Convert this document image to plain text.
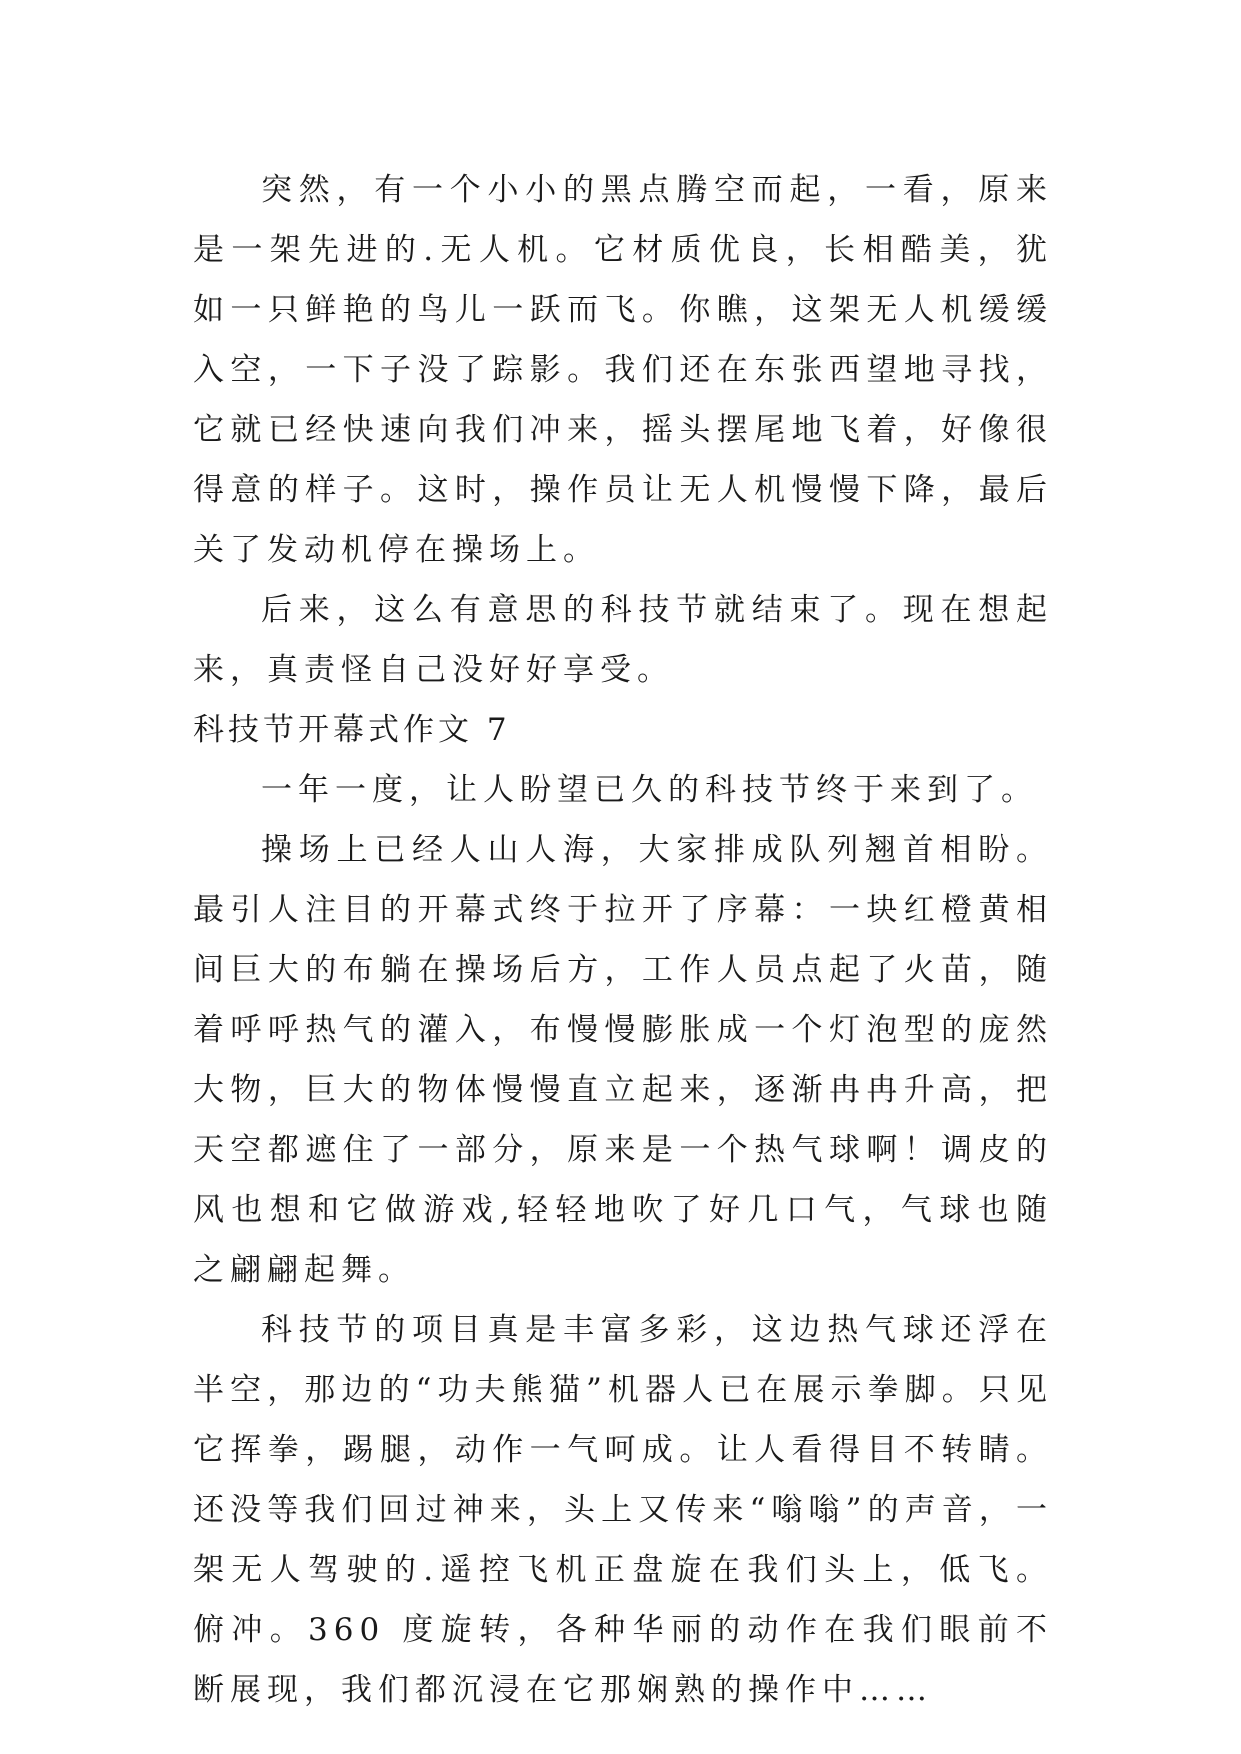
突然，有一个小小的黑点腾空而起，一看，原来是一架先进的.无人机。它材质优良，长相酷美，犹如一只鲜艳的鸟儿一跃而飞。你瞧，这架无人机缓缓入空，一下子没了踪影。我们还在东张西望地寻找，它就已经快速向我们冲来，摇头摆尾地飞着，好像很得意的样子。这时，操作员让无人机慢慢下降，最后关了发动机停在操场上。

后来，这么有意思的科技节就结束了。现在想起来，真责怪自己没好好享受。

科技节开幕式作文 7

一年一度，让人盼望已久的科技节终于来到了。

操场上已经人山人海，大家排成队列翘首相盼。最引人注目的开幕式终于拉开了序幕：一块红橙黄相间巨大的布躺在操场后方，工作人员点起了火苗，随着呼呼热气的灌入，布慢慢膨胀成一个灯泡型的庞然大物，巨大的物体慢慢直立起来，逐渐冉冉升高，把天空都遮住了一部分，原来是一个热气球啊！调皮的风也想和它做游戏,轻轻地吹了好几口气，气球也随之翩翩起舞。

科技节的项目真是丰富多彩，这边热气球还浮在半空，那边的“功夫熊猫”机器人已在展示拳脚。只见它挥拳，踢腿，动作一气呵成。让人看得目不转睛。还没等我们回过神来，头上又传来“嗡嗡”的声音，一架无人驾驶的.遥控飞机正盘旋在我们头上，低飞。俯冲。360 度旋转，各种华丽的动作在我们眼前不断展现，我们都沉浸在它那娴熟的操作中……
